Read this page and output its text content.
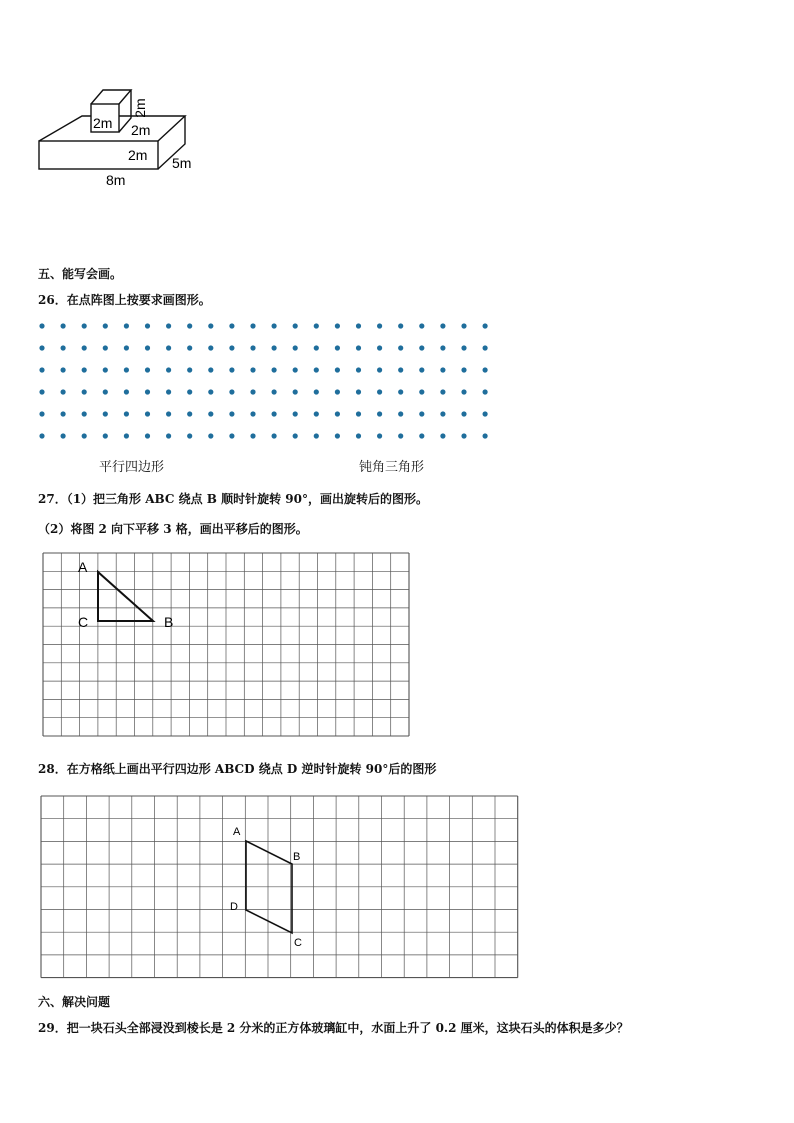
2m
2m
2m
2m 5m
8m
五、能写会画。
26．在点阵图上按要求画图形。
平行四边形	钝角三角形
27．（1）把三角形 ABC 绕点 B 顺时针旋转 90°，画出旋转后的图形。
（2）将图 2 向下平移 3 格，画出平移后的图形。
A
C	B
28．在方格纸上画出平行四边形 ABCD 绕点 D 逆时针旋转 90°后的图形
A
B
D
C
六、解决问题
29．把一块石头全部浸没到棱长是 2 分米的正方体玻璃缸中，水面上升了 0.2 厘米，这块石头的体积是多少？
